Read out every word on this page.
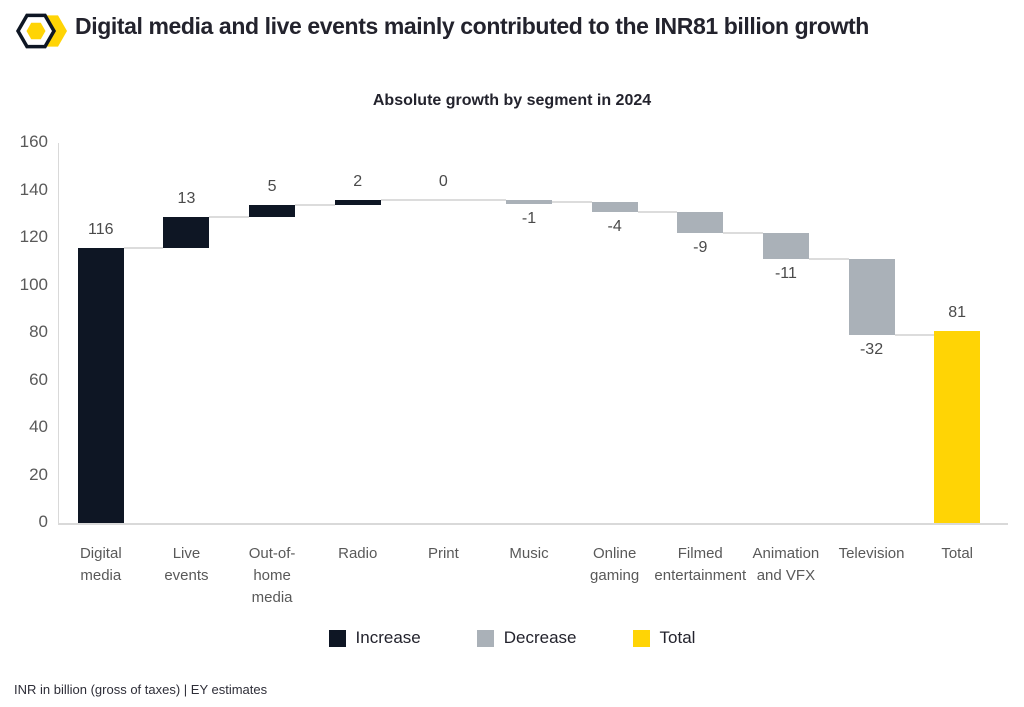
Digital media and live events mainly contributed to the INR81 billion growth
Absolute growth by segment in 2024
160
140
120
100
80
60
40
20
0
116
Digital media
13
Live events
5
Out-of-home media
2
Radio
0
Print
-1
Music
-4
Online gaming
-9
Filmed entertainment
-11
Animation and VFX
-32
Television
81
Total
Increase	Decrease	Total
INR in billion (gross of taxes) | EY estimates
